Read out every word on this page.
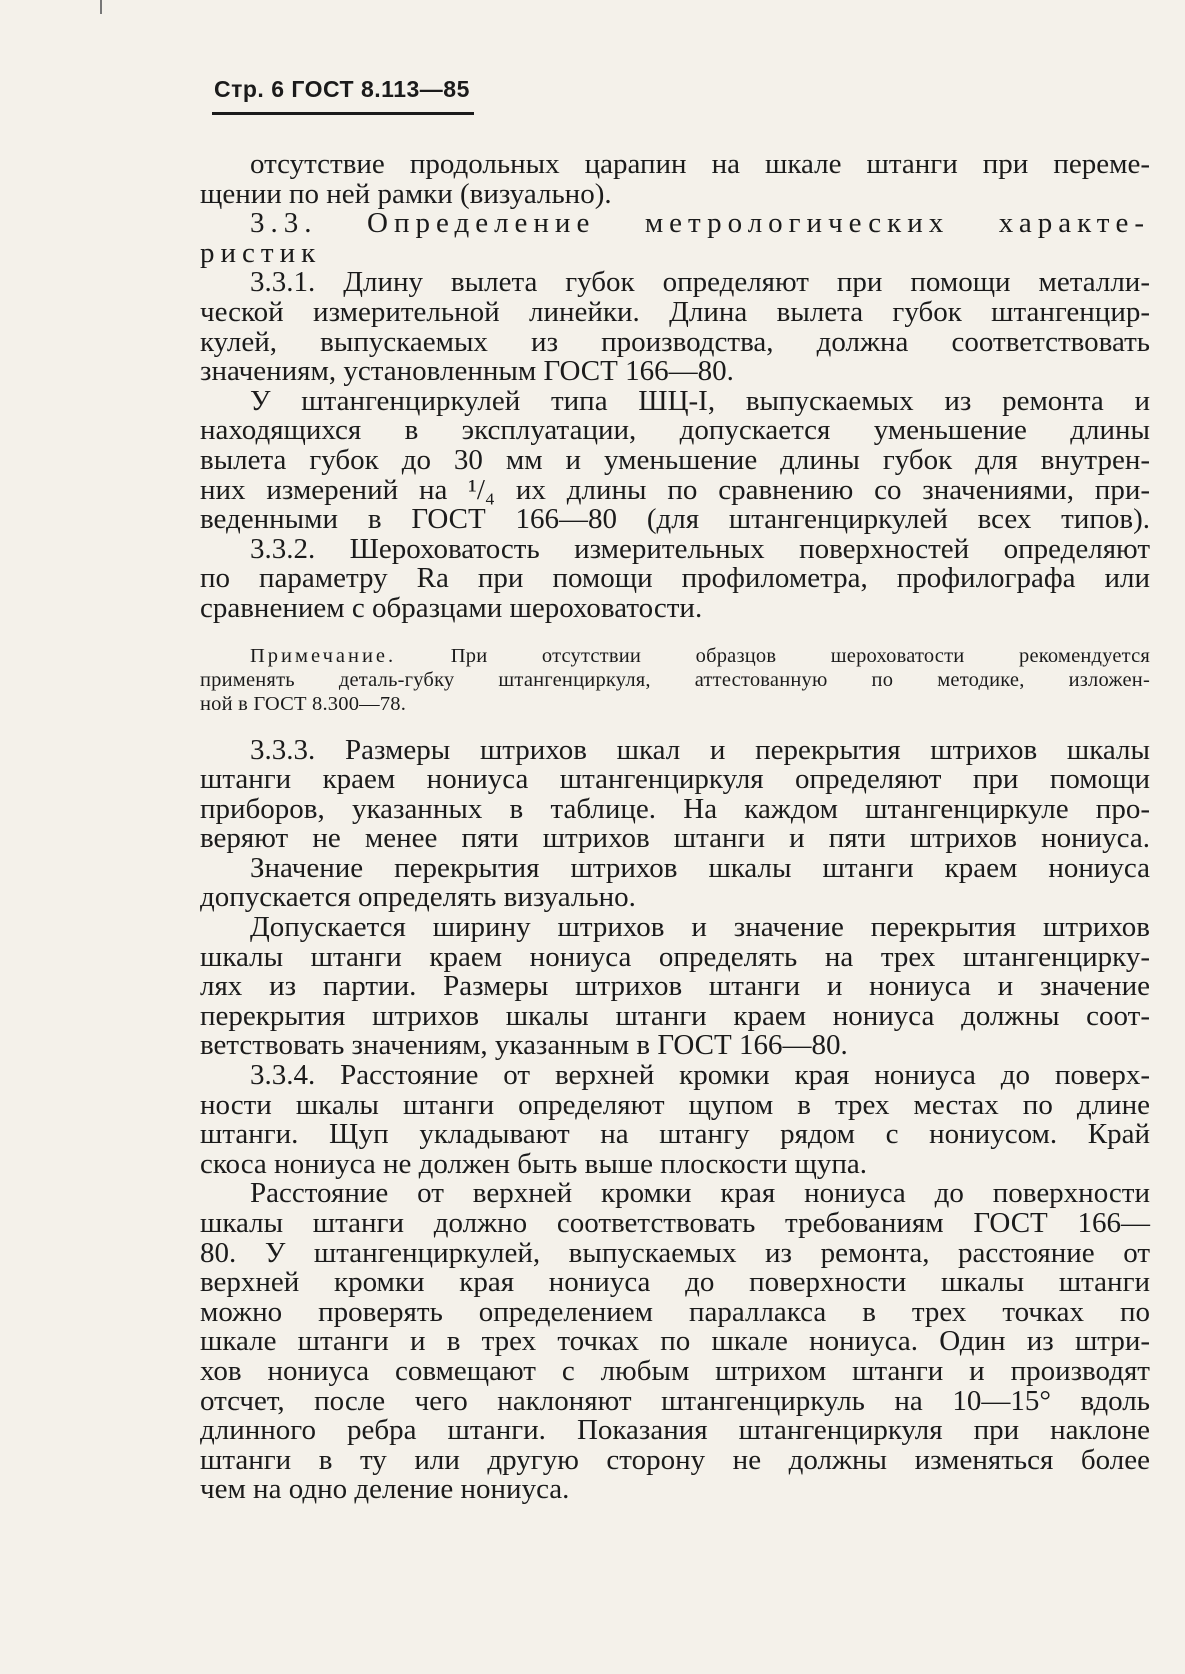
Стр. 6 ГОСТ 8.113—85
отсутствие продольных царапин на шкале штанги при переме-
щении по ней рамки (визуально).
3.3. Определение метрологических характе-
ристик
3.3.1. Длину вылета губок определяют при помощи металли-
ческой измерительной линейки. Длина вылета губок штангенцир-
кулей, выпускаемых из производства, должна соответствовать
значениям, установленным ГОСТ 166—80.
У штангенциркулей типа ШЦ-I, выпускаемых из ремонта и
находящихся в эксплуатации, допускается уменьшение длины
вылета губок до 30 мм и уменьшение длины губок для внутрен-
них измерений на ¹/₄ их длины по сравнению со значениями, при-
веденными в ГОСТ 166—80 (для штангенциркулей всех типов).
3.3.2. Шероховатость измерительных поверхностей определяют
по параметру Ra при помощи профилометра, профилографа или
сравнением с образцами шероховатости.
Примечание.	При отсутствии образцов шероховатости рекомендуется
применять деталь-губку штангенциркуля, аттестованную по методике, изложен-
ной в ГОСТ 8.300—78.
3.3.3. Размеры штрихов шкал и перекрытия штрихов шкалы
штанги краем нониуса штангенциркуля определяют при помощи
приборов, указанных в таблице. На каждом штангенциркуле про-
веряют не менее пяти штрихов штанги и пяти штрихов нониуса.
Значение перекрытия штрихов шкалы штанги краем нониуса
допускается определять визуально.
Допускается ширину штрихов и значение перекрытия штрихов
шкалы штанги краем нониуса определять на трех штангенцирку-
лях из партии. Размеры штрихов штанги и нониуса и значение
перекрытия штрихов шкалы штанги краем нониуса должны соот-
ветствовать значениям, указанным в ГОСТ 166—80.
3.3.4. Расстояние от верхней кромки края нониуса до поверх-
ности шкалы штанги определяют щупом в трех местах по длине
штанги. Щуп укладывают на штангу рядом с нониусом. Край
скоса нониуса не должен быть выше плоскости щупа.
Расстояние от верхней кромки края нониуса до поверхности
шкалы штанги должно соответствовать требованиям ГОСТ 166—
80. У штангенциркулей, выпускаемых из ремонта, расстояние от
верхней кромки края нониуса до поверхности шкалы штанги
можно проверять определением параллакса в трех точках по
шкале штанги и в трех точках по шкале нониуса. Один из штри-
хов нониуса совмещают с любым штрихом штанги и производят
отсчет, после чего наклоняют штангенциркуль на 10—15° вдоль
длинного ребра штанги. Показания штангенциркуля при наклоне
штанги в ту или другую сторону не должны изменяться более
чем на одно деление нониуса.
